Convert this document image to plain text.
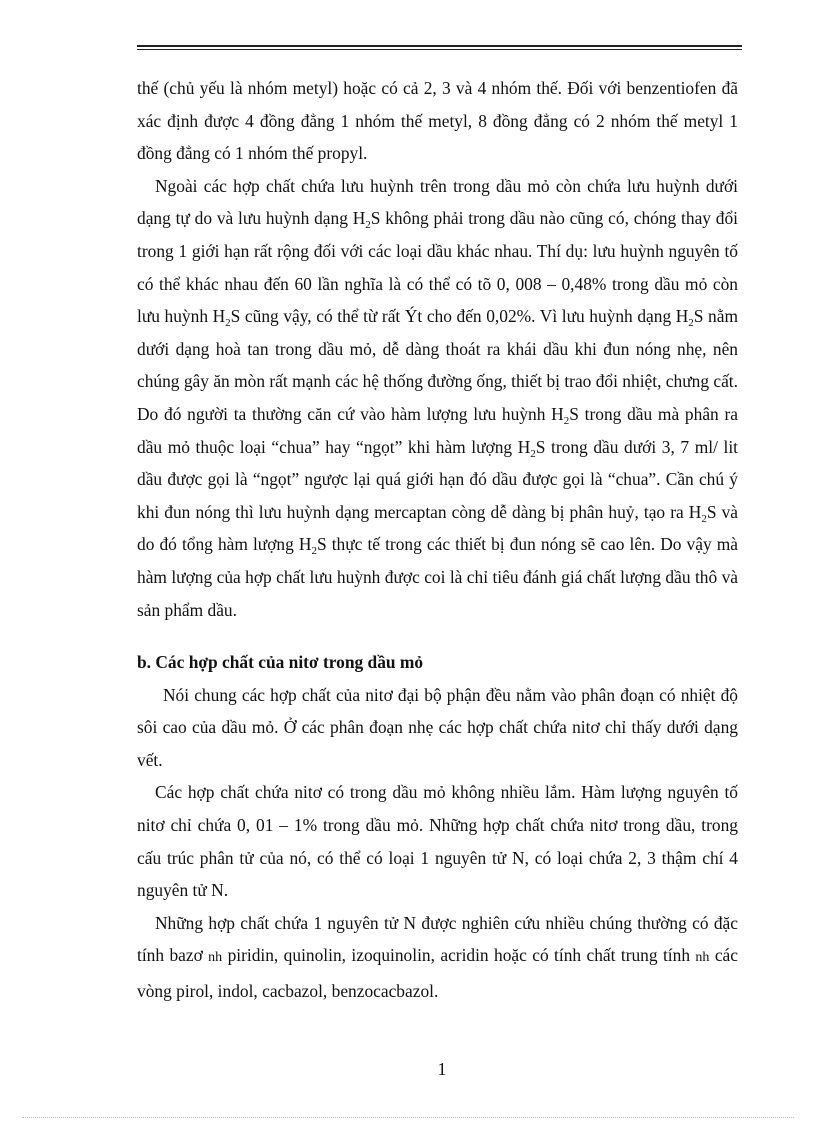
thế (chủ yếu là nhóm metyl) hoặc có cả 2, 3 và 4 nhóm thế. Đối với benzentiofen đã xác định được 4 đồng đẳng 1 nhóm thế metyl, 8 đồng đẳng có 2 nhóm thế metyl 1 đồng đẳng có 1 nhóm thế propyl.

Ngoài các hợp chất chứa lưu huỳnh trên trong dầu mỏ còn chứa lưu huỳnh dưới dạng tự do và lưu huỳnh dạng $H_2S$ không phải trong dầu nào cũng có, chóng thay đổi trong 1 giới hạn rất rộng đối với các loại dầu khác nhau. Thí dụ: lưu huỳnh nguyên tố có thể khác nhau đến 60 lần nghĩa là có thể có tõ 0, 008 – 0,48% trong dầu mỏ còn lưu huỳnh $H_2S$ cũng vậy, có thể từ rất Ýt cho đến 0,02%. Vì lưu huỳnh dạng $H_2S$ nằm dưới dạng hoà tan trong dầu mỏ, dễ dàng thoát ra khái dầu khi đun nóng nhẹ, nên chúng gây ăn mòn rất mạnh các hệ thống đường ống, thiết bị trao đổi nhiệt, chưng cất. Do đó người ta thường căn cứ vào hàm lượng lưu huỳnh $H_2S$ trong dầu mà phân ra dầu mỏ thuộc loại “chua” hay “ngọt” khi hàm lượng $H_2S$ trong dầu dưới 3, 7 ml/ lit dầu được gọi là “ngọt” ngược lại quá giới hạn đó dầu được gọi là “chua”. Cần chú ý khi đun nóng thì lưu huỳnh dạng mercaptan còng dễ dàng bị phân huỷ, tạo ra $H_2S$ và do đó tổng hàm lượng $H_2S$ thực tế trong các thiết bị đun nóng sẽ cao lên. Do vậy mà hàm lượng của hợp chất lưu huỳnh được coi là chỉ tiêu đánh giá chất lượng dầu thô và sản phẩm dầu.

b. Các hợp chất của nitơ trong dầu mỏ

Nói chung các hợp chất của nitơ đại bộ phận đều nằm vào phân đoạn có nhiệt độ sôi cao của dầu mỏ. Ở các phân đoạn nhẹ các hợp chất chứa nitơ chỉ thấy dưới dạng vết.

Các hợp chất chứa nitơ có trong dầu mỏ không nhiều lắm. Hàm lượng nguyên tố nitơ chỉ chứa 0, 01 – 1% trong dầu mỏ. Những hợp chất chứa nitơ trong dầu, trong cấu trúc phân tử của nó, có thể có loại 1 nguyên tử N, có loại chứa 2, 3 thậm chí 4 nguyên tử N.

Những hợp chất chứa 1 nguyên tử N được nghiên cứu nhiều chúng thường có đặc tính bazơ nh piridin, quinolin, izoquinolin, acridin hoặc có tính chất trung tính nh các vòng pirol, indol, cacbazol, benzocacbazol.

1
